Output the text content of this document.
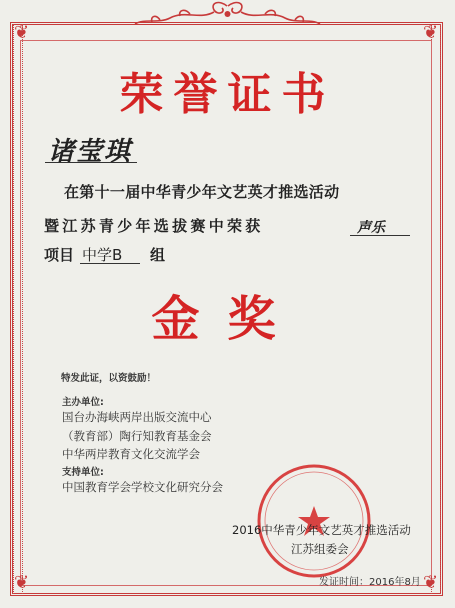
❦	❦
❦	❦
荣誉证书
诸莹琪
在第十一届中华青少年文艺英才推选活动
暨江苏青少年选拔赛中荣获	声乐
项目 中学B 组
金奖
特发此证，以资鼓励！
主办单位:
国台办海峡两岸出版交流中心
（教育部）陶行知教育基金会
中华两岸教育文化交流学会
支持单位:
中国教育学会学校文化研究分会
2016中华青少年文艺英才推选活动
江苏组委会
发证时间： 2016年8月
